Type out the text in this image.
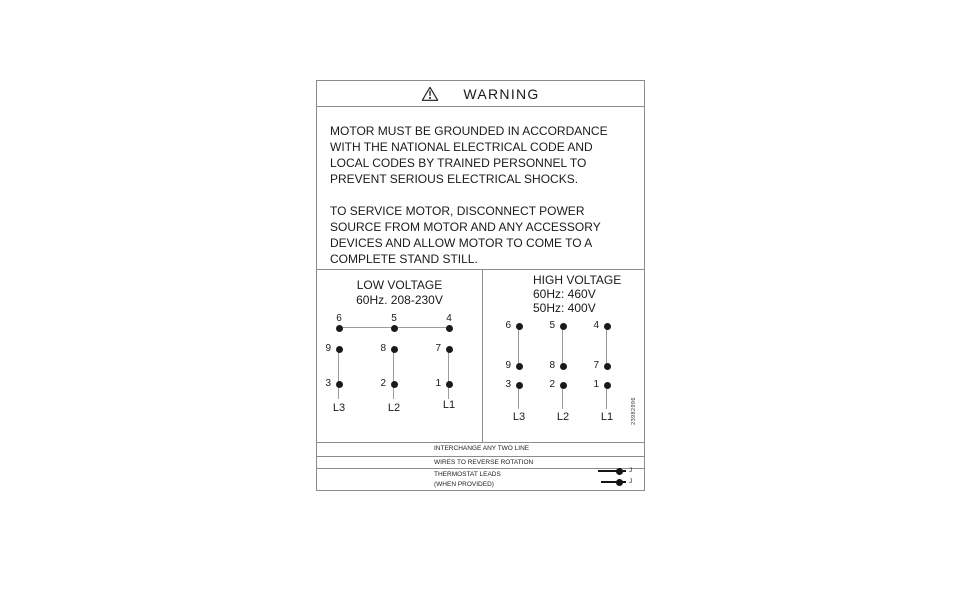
WARNING
MOTOR MUST BE GROUNDED IN ACCORDANCE
WITH THE NATIONAL ELECTRICAL CODE AND
LOCAL CODES BY TRAINED PERSONNEL TO
PREVENT SERIOUS ELECTRICAL SHOCKS.
TO SERVICE MOTOR, DISCONNECT POWER
SOURCE FROM MOTOR AND ANY ACCESSORY
DEVICES AND ALLOW MOTOR TO COME TO A
COMPLETE STAND STILL.
LOW VOLTAGE
60Hz. 208-230V
6	5	4
9	8	7
3	2	1
L3	L2	L1
HIGH VOLTAGE
60Hz: 460V
50Hz: 400V
6	5	4
9	8	7
3	2	1
L3	L2	L1	23982996
INTERCHANGE ANY TWO LINE
WIRES TO REVERSE ROTATION
THERMOSTAT LEADS
(WHEN PROVIDED)
J
J
